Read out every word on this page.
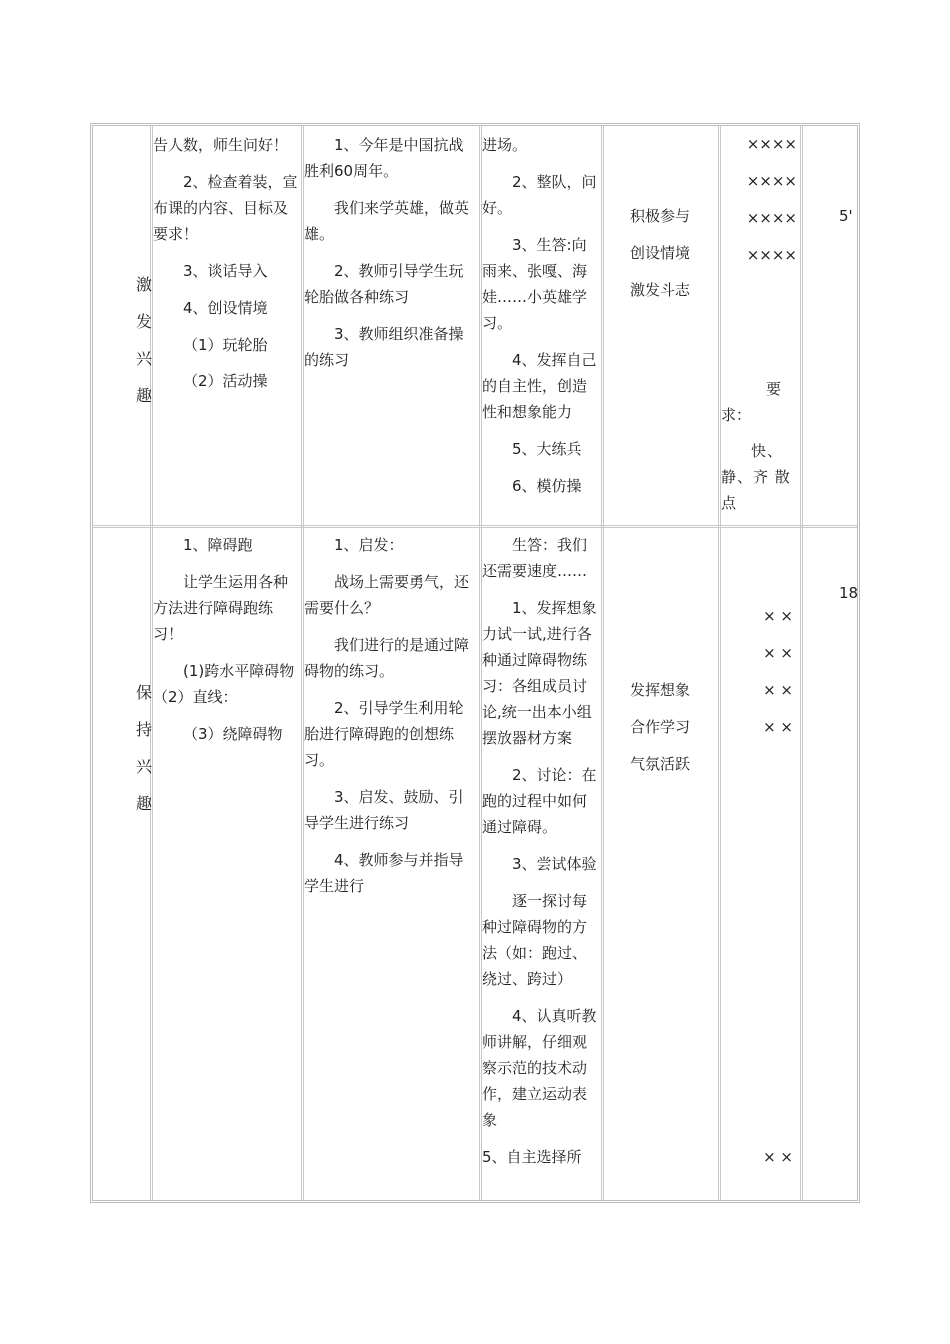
激
发
兴
趣

告人数，师生问好！

2、检查着装，宣布课的内容、目标及要求！

3、谈话导入

4、创设情境

（1）玩轮胎

（2）活动操

1、今年是中国抗战胜利60周年。

我们来学英雄，做英雄。

2、教师引导学生玩轮胎做各种练习

3、教师组织准备操的练习

进场。

2、整队，问好。

3、生答:向雨来、张嘎、海娃……小英雄学习。

4、发挥自己的自主性，创造性和想象能力

5、大练兵

6、模仿操

积极参与
创设情境
激发斗志
××××
××××
××××
××××

要求：

快、静、齐 散点

5'
保
持
兴
趣

1、障碍跑

让学生运用各种方法进行障碍跑练习！

(1)跨水平障碍物（2）直线：

（3）绕障碍物

1、启发：

战场上需要勇气，还需要什么？

我们进行的是通过障碍物的练习。

2、引导学生利用轮胎进行障碍跑的创想练习。

3、启发、鼓励、引导学生进行练习

4、教师参与并指导学生进行

生答：我们还需要速度……

1、发挥想象力试一试,进行各种通过障碍物练习：各组成员讨论,统一出本小组摆放器材方案

2、讨论：在跑的过程中如何通过障碍。

3、尝试体验

逐一探讨每种过障碍物的方法（如：跑过、绕过、跨过）

4、认真听教师讲解，仔细观察示范的技术动作，建立运动表象

5、自主选择所

发挥想象
合作学习
气氛活跃
× ×
× ×
× ×
× ×
× ×
18
